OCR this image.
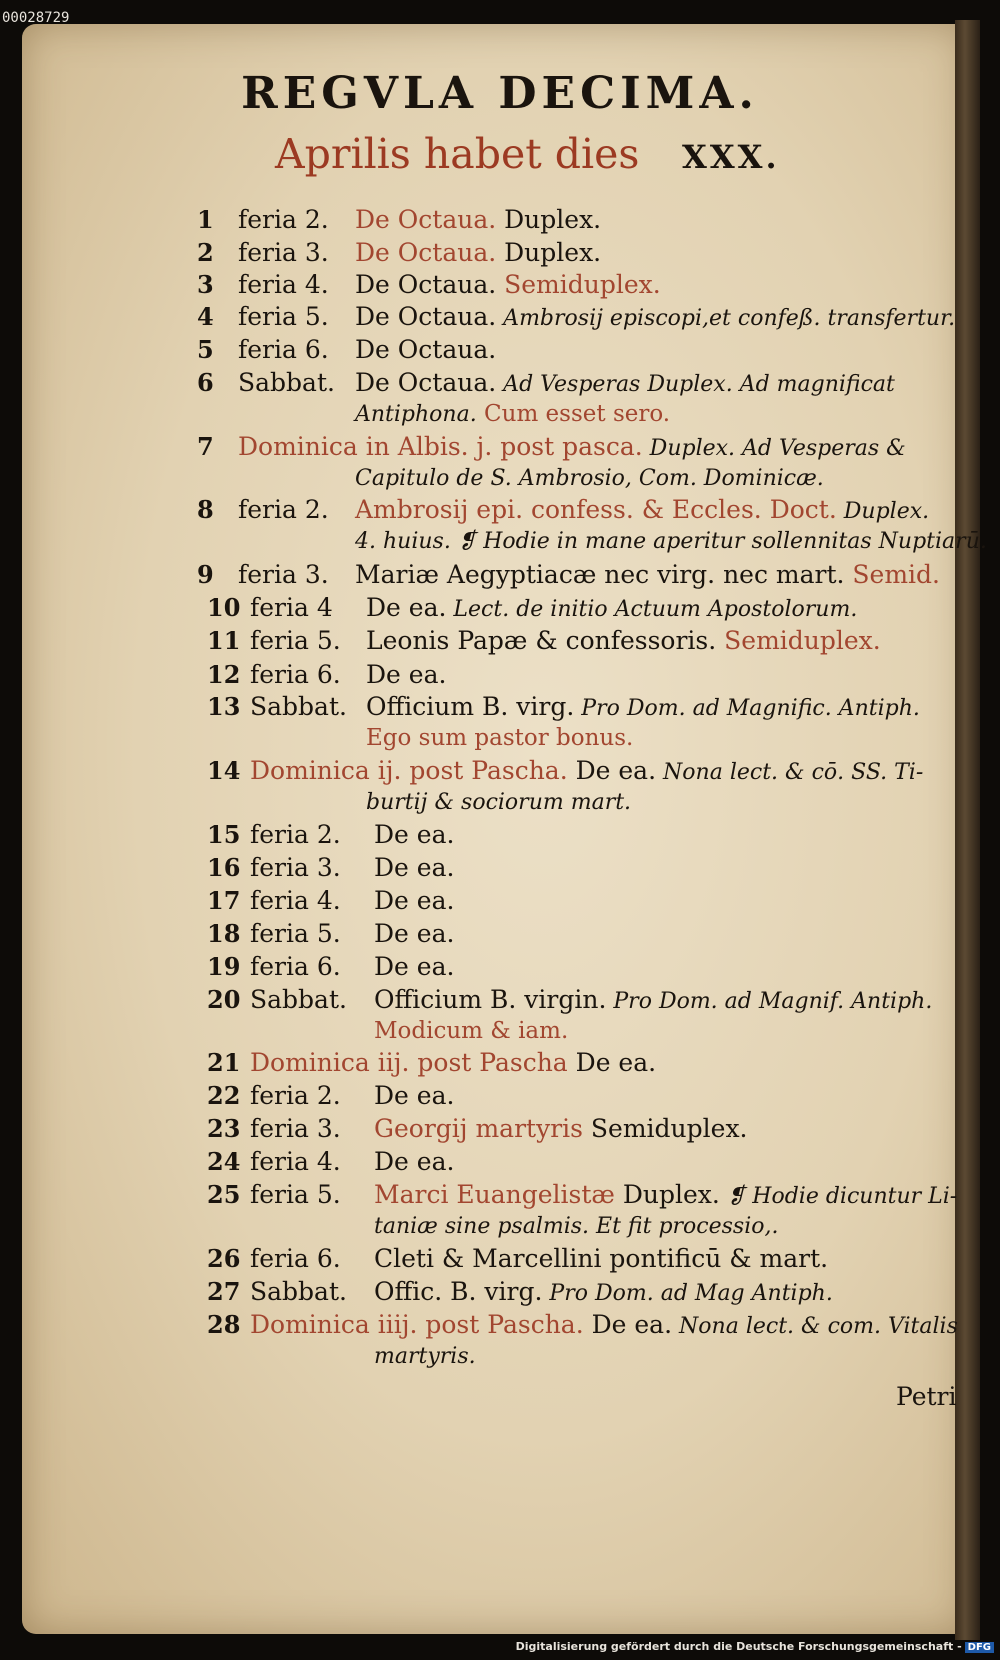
00028729
REGVLA DECIMA.
Aprilis habet dies XXX.
1 feria 2. De Octaua. Duplex.
2 feria 3. De Octaua. Duplex.
3 feria 4. De Octaua. Semiduplex.
4 feria 5. De Octaua. Ambrosij episcopi,et confeß. transfertur.
5 feria 6. De Octaua.
6 Sabbat. De Octaua. Ad Vesperas Duplex. Ad magnificat
Antiphona. Cum esset sero.
7 Dominica in Albis. j. post pasca. Duplex. Ad Vesperas &
Capitulo de S. Ambrosio, Com. Dominicæ.
8 feria 2. Ambrosij epi. confess. & Eccles. Doct. Duplex.
4. huius. ❡ Hodie in mane aperitur sollennitas Nuptiarū.
9 feria 3. Mariæ Aegyptiacæ nec virg. nec mart. Semid.
10 feria 4 De ea. Lect. de initio Actuum Apostolorum.
11 feria 5. Leonis Papæ & confessoris. Semiduplex.
12 feria 6. De ea.
13 Sabbat. Officium B. virg. Pro Dom. ad Magnific. Antiph.
Ego sum pastor bonus.
14 Dominica ij. post Pascha. De ea. Nona lect. & cō. SS. Ti-
burtij & sociorum mart.
15 feria 2. De ea.
16 feria 3. De ea.
17 feria 4. De ea.
18 feria 5. De ea.
19 feria 6. De ea.
20 Sabbat. Officium B. virgin. Pro Dom. ad Magnif. Antiph.
Modicum & iam.
21 Dominica iij. post Pascha De ea.
22 feria 2. De ea.
23 feria 3. Georgij martyris Semiduplex.
24 feria 4. De ea.
25 feria 5. Marci Euangelistæ Duplex. ❡ Hodie dicuntur Li-
taniæ sine psalmis. Et fit processio,.
26 feria 6. Cleti & Marcellini pontificū & mart.
27 Sabbat. Offic. B. virg. Pro Dom. ad Mag Antiph.
28 Dominica iiij. post Pascha. De ea. Nona lect. & com. Vitalis
martyris.
Petri
Digitalisierung gefördert durch die Deutsche Forschungsgemeinschaft - DFG
